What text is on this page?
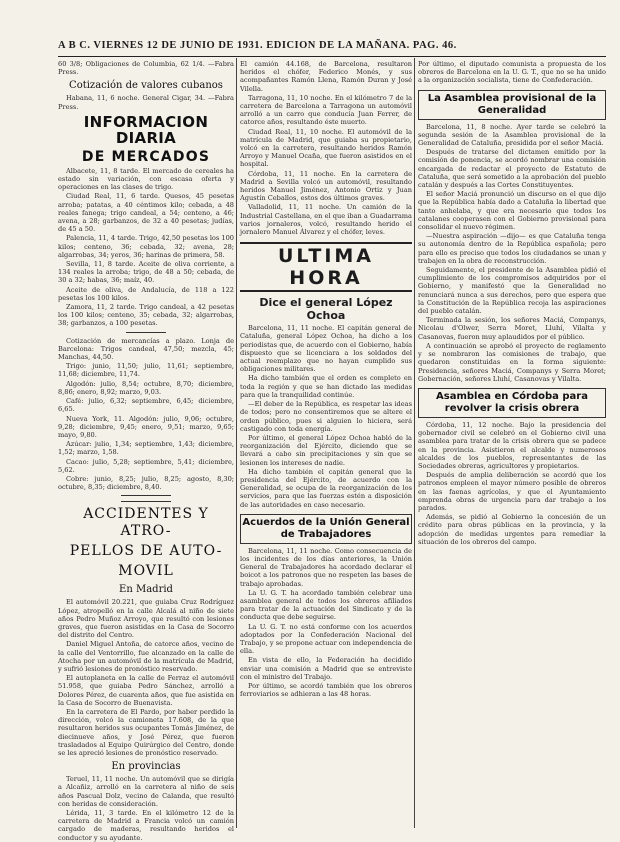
A B C. VIERNES 12 DE JUNIO DE 1931. EDICION DE LA MAÑANA. PAG. 46.

60 3/8; Obligaciones de Columbia, 62 1/4. —Fabra Press.

Cotización de valores cubanos

Habana, 11, 6 noche. General Cigar, 34. —Fabra Press.

INFORMACION DIARIA
DE MERCADOS

Albacete, 11, 8 tarde. El mercado de cereales ha estado sin variación, con escasa oferta y operaciones en las clases de trigo.

Ciudad Real, 11, 6 tarde. Quesos, 45 pesetas arroba; patatas, a 40 céntimos kilo; cebada, a 48 reales fanega; trigo candeal, a 54; centeno, a 46; avena, a 28; garbanzos, de 32 a 40 pesetas; judías, de 45 a 50.

Palencia, 11, 4 tarde. Trigo, 42,50 pesetas los 100 kilos; centeno, 36; cebada, 32; avena, 28; algarrobas, 34; yeros, 36; harinas de primera, 58.

Sevilla, 11, 8 tarde. Aceite de oliva corriente, a 134 reales la arroba; trigo, de 48 a 50; cebada, de 30 a 32; habas, 36; maíz, 40.

Aceite de oliva, de Andalucía, de 118 a 122 pesetas los 100 kilos.

Zamora, 11, 2 tarde. Trigo candeal, a 42 pesetas los 100 kilos; centeno, 35; cebada, 32; algarrobas, 38; garbanzos, a 100 pesetas.

Cotización de mercancías a plazo. Lonja de Barcelona: Trigos candeal, 47,50; mezcla, 45; Manchas, 44,50.

Trigo: junio, 11,50; julio, 11,61; septiembre, 11,68; diciembre, 11,74.

Algodón: julio, 8,54; octubre, 8,70; diciembre, 8,86; enero, 8,92; marzo, 9,03.

Café: julio, 6,32; septiembre, 6,45; diciembre, 6,65.

Nueva York, 11. Algodón: julio, 9,06; octubre, 9,28; diciembre, 9,45; enero, 9,51; marzo, 9,65; mayo, 9,80.

Azúcar: julio, 1,34; septiembre, 1,43; diciembre, 1,52; marzo, 1,58.

Cacao: julio, 5,28; septiembre, 5,41; diciembre, 5,62.

Cobre: junio, 8,25; julio, 8,25; agosto, 8,30; octubre, 8,35; diciembre, 8,40.

ACCIDENTES Y ATRO-
PELLOS DE AUTO-
MOVIL
En Madrid

El automóvil 20.221, que guiaba Cruz Rodríguez López, atropelló en la calle Alcalá al niño de siete años Pedro Muñoz Arroyo, que resultó con lesiones graves, que fueron asistidas en la Casa de Socorro del distrito del Centro.

Daniel Miguel Antoña, de catorce años, vecino de la calle del Ventorrillo, fue alcanzado en la calle de Atocha por un automóvil de la matrícula de Madrid, y sufrió lesiones de pronóstico reservado.

El autoplaneta en la calle de Ferraz el automóvil 51.958, que guiaba Pedro Sánchez, arrolló a Dolores Pérez, de cuarenta años, que fue asistida en la Casa de Socorro de Buenavista.

En la carretera de El Pardo, por haber perdido la dirección, volcó la camioneta 17.608, de la que resultaron heridos sus ocupantes Tomás Jiménez, de diecinueve años, y José Pérez, que fueron trasladados al Equipo Quirúrgico del Centro, donde se les apreció lesiones de pronóstico reservado.

En provincias

Teruel, 11, 11 noche. Un automóvil que se dirigía a Alcañiz, arrolló en la carretera al niño de seis años Pascual Dolz, vecino de Calanda, que resultó con heridas de consideración.

Lérida, 11, 3 tarde. En el kilómetro 12 de la carretera de Madrid a Francia volcó un camión cargado de maderas, resultando heridos el conductor y su ayudante.

El camión 44.168, de Barcelona, resultaron heridos el chófer, Federico Monés, y sus acompañantes Ramón Llena, Ramón Duran y José Vilella.

Tarragona, 11, 10 noche. En el kilómetro 7 de la carretera de Barcelona a Tarragona un automóvil arrolló a un carro que conducía Juan Ferrer, de catorce años, resultando éste muerto.

Ciudad Real, 11, 10 noche. El automóvil de la matrícula de Madrid, que guiaba su propietario, volcó en la carretera, resultando heridos Ramón Arroyo y Manuel Ocaña, que fueron asistidos en el hospital.

Córdoba, 11, 11 noche. En la carretera de Madrid a Sevilla volcó un automóvil, resultando heridos Manuel Jiménez, Antonio Ortiz y Juan Agustín Ceballos, estos dos últimos graves.

Valladolid, 11, 11 noche. Un camión de la Industrial Castellana, en el que iban a Guadarrama varios jornaleros, volcó, resultando herido el jornalero Manuel Álvarez y el chófer, leves.

ULTIMA HORA
Dice el general López Ochoa

Barcelona, 11, 11 noche. El capitán general de Cataluña, general López Ochoa, ha dicho a los periodistas que, de acuerdo con el Gobierno, había dispuesto que se licenciara a los soldados del actual reemplazo que no hayan cumplido sus obligaciones militares.

Ha dicho también que el orden es completo en toda la región y que se han dictado las medidas para que la tranquilidad continúe.

—El deber de la República, es respetar las ideas de todos; pero no consentiremos que se altere el orden público, pues si alguien lo hiciera, será castigado con toda energía.

Por último, el general López Ochoa habló de la reorganización del Ejército, diciendo que se llevará a cabo sin precipitaciones y sin que se lesionen los intereses de nadie.

Ha dicho también el capitán general que la presidencia del Ejército, de acuerdo con la Generalidad, se ocupa de la reorganización de los servicios, para que las fuerzas estén a disposición de las autoridades en caso necesario.

Acuerdos de la Unión General de Trabajadores

Barcelona, 11, 11 noche. Como consecuencia de los incidentes de los días anteriores, la Unión General de Trabajadores ha acordado declarar el boicot a los patronos que no respeten las bases de trabajo aprobadas.

La U. G. T. ha acordado también celebrar una asamblea general de todos los obreros afiliados para tratar de la actuación del Sindicato y de la conducta que debe seguirse.

La U. G. T. no está conforme con los acuerdos adoptados por la Confederación Nacional del Trabajo, y se propone actuar con independencia de ella.

En vista de ello, la Federación ha decidido enviar una comisión a Madrid que se entreviste con el ministro del Trabajo.

Por último, se acordó también que los obreros ferroviarios se adhieran a las 48 horas.

Por último, el diputado comunista a propuesta de los obreros de Barcelona en la U. G. T., que no se ha unido a la organización socialista, tiene de Confederación.

La Asamblea provisional de la Generalidad

Barcelona, 11, 8 noche. Ayer tarde se celebró la segunda sesión de la Asamblea provisional de la Generalidad de Cataluña, presidida por el señor Maciá.

Después de tratarse del dictamen emitido por la comisión de ponencia, se acordó nombrar una comisión encargada de redactar el proyecto de Estatuto de Cataluña, que será sometido a la aprobación del pueblo catalán y después a las Cortes Constituyentes.

El señor Maciá pronunció un discurso en el que dijo que la República había dado a Cataluña la libertad que tanto anhelaba, y que era necesario que todos los catalanes cooperasen con el Gobierno provisional para consolidar el nuevo régimen.

—Nuestra aspiración —dijo— es que Cataluña tenga su autonomía dentro de la República española; pero para ello es preciso que todos los ciudadanos se unan y trabajen en la obra de reconstrucción.

Seguidamente, el presidente de la Asamblea pidió el cumplimiento de los compromisos adquiridos por el Gobierno, y manifestó que la Generalidad no renunciará nunca a sus derechos, pero que espera que la Constitución de la República recoja las aspiraciones del pueblo catalán.

Terminada la sesión, los señores Maciá, Companys, Nicolau d'Olwer, Serra Moret, Lluhí, Vilalta y Casanovas, fueron muy aplaudidos por el público.

A continuación se aprobó el proyecto de reglamento y se nombraron las comisiones de trabajo, que quedaron constituidas en la forma siguiente: Presidencia, señores Maciá, Companys y Serra Moret; Gobernación, señores Lluhí, Casanovas y Vilalta.

Asamblea en Córdoba para revolver la crisis obrera

Córdoba, 11, 12 noche. Bajo la presidencia del gobernador civil se celebró en el Gobierno civil una asamblea para tratar de la crisis obrera que se padece en la provincia. Asistieron el alcalde y numerosos alcaldes de los pueblos, representantes de las Sociedades obreras, agricultores y propietarios.

Después de amplia deliberación se acordó que los patronos empleen el mayor número posible de obreros en las faenas agrícolas, y que el Ayuntamiento emprenda obras de urgencia para dar trabajo a los parados.

Además, se pidió al Gobierno la concesión de un crédito para obras públicas en la provincia, y la adopción de medidas urgentes para remediar la situación de los obreros del campo.
